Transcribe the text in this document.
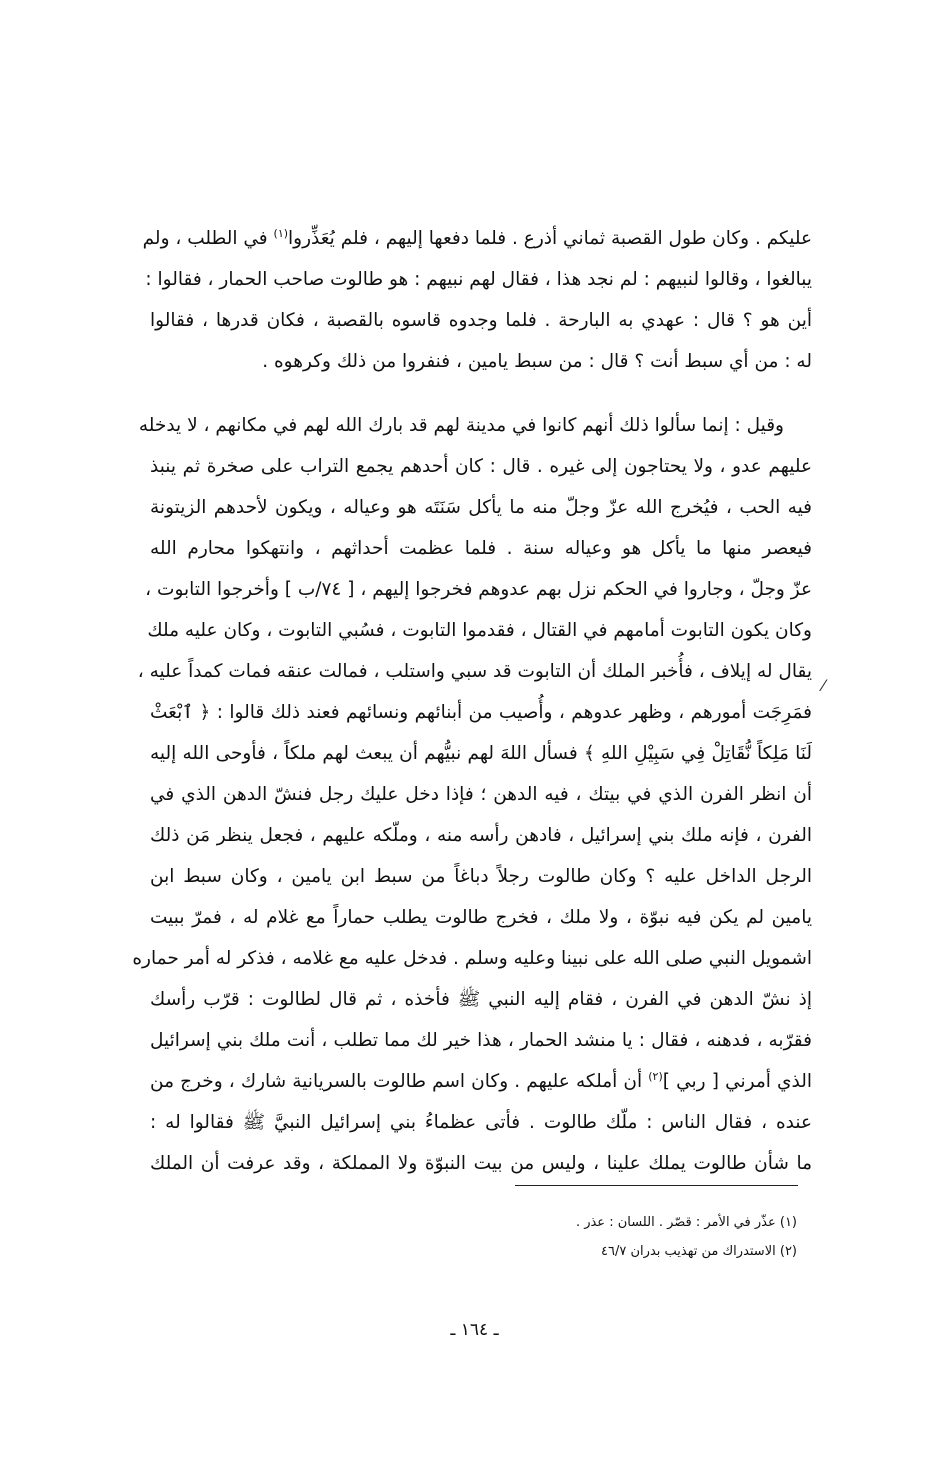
عليكم . وكان طول القصبة ثماني أذرع . فلما دفعها إليهم ، فلم يُعَذِّروا$^{(١)}$ في الطلب ، ولم
يبالغوا ، وقالوا لنبيهم : لم نجد هذا ، فقال لهم نبيهم : هو طالوت صاحب الحمار ، فقالوا :
أين هو ؟ قال : عهدي به البارحة . فلما وجدوه قاسوه بالقصبة ، فكان قدرها ، فقالوا
له : من أي سبط أنت ؟ قال : من سبط يامين ، فنفروا من ذلك وكرهوه .
وقيل : إنما سألوا ذلك أنهم كانوا في مدينة لهم قد بارك الله لهم في مكانهم ، لا يدخله
عليهم عدو ، ولا يحتاجون إلى غيره . قال : كان أحدهم يجمع التراب على صخرة ثم ينبذ
فيه الحب ، فيُخرج الله عزّ وجلّ منه ما يأكل سَنَتَه هو وعياله ، ويكون لأحدهم الزيتونة
فيعصر منها ما يأكل هو وعياله سنة . فلما عظمت أحداثهم ، وانتهكوا محارم الله
عزّ وجلّ ، وجاروا في الحكم نزل بهم عدوهم فخرجوا إليهم ، [ ٧٤/ب ] وأخرجوا التابوت ،
وكان يكون التابوت أمامهم في القتال ، فقدموا التابوت ، فسُبي التابوت ، وكان عليه ملك
يقال له إيلاف ، فأُخبر الملك أن التابوت قد سبي واستلب ، فمالت عنقه فمات كمداً عليه ،
فمَرِجَت أمورهم ، وظهر عدوهم ، وأُصيب من أبنائهم ونسائهم فعند ذلك قالوا : ﴿ ٱبْعَثْ
لَنَا مَلِكاً نُّقَاتِلْ فِي سَبِيْلِ اللهِ ﴾ فسأل اللهَ لهم نبيُّهم أن يبعث لهم ملكاً ، فأوحى الله إليه
أن انظر الفرن الذي في بيتك ، فيه الدهن ؛ فإذا دخل عليك رجل فنشّ الدهن الذي في
الفرن ، فإنه ملك بني إسرائيل ، فادهن رأسه منه ، وملّكه عليهم ، فجعل ينظر مَن ذلك
الرجل الداخل عليه ؟ وكان طالوت رجلاً دباغاً من سبط ابن يامين ، وكان سبط ابن
يامين لم يكن فيه نبوّة ، ولا ملك ، فخرج طالوت يطلب حماراً مع غلام له ، فمرّ ببيت
اشمويل النبي صلى الله على نبينا وعليه وسلم . فدخل عليه مع غلامه ، فذكر له أمر حماره
إذ نشّ الدهن في الفرن ، فقام إليه النبي ﷺ فأخذه ، ثم قال لطالوت : قرّب رأسك
فقرّبه ، فدهنه ، فقال : يا منشد الحمار ، هذا خير لك مما تطلب ، أنت ملك بني إسرائيل
الذي أمرني [ ربي ]$^{(٢)}$ أن أملكه عليهم . وكان اسم طالوت بالسريانية شارك ، وخرج من
عنده ، فقال الناس : ملّك طالوت . فأتى عظماءُ بني إسرائيل النبيَّ ﷺ فقالوا له :
ما شأن طالوت يملك علينا ، وليس من بيت النبوّة ولا المملكة ، وقد عرفت أن الملك
⁄
(١) عذّر في الأمر : قصّر . اللسان : عذر .
(٢) الاستدراك من تهذيب بدران ٤٦/٧
ـ ١٦٤ ـ
